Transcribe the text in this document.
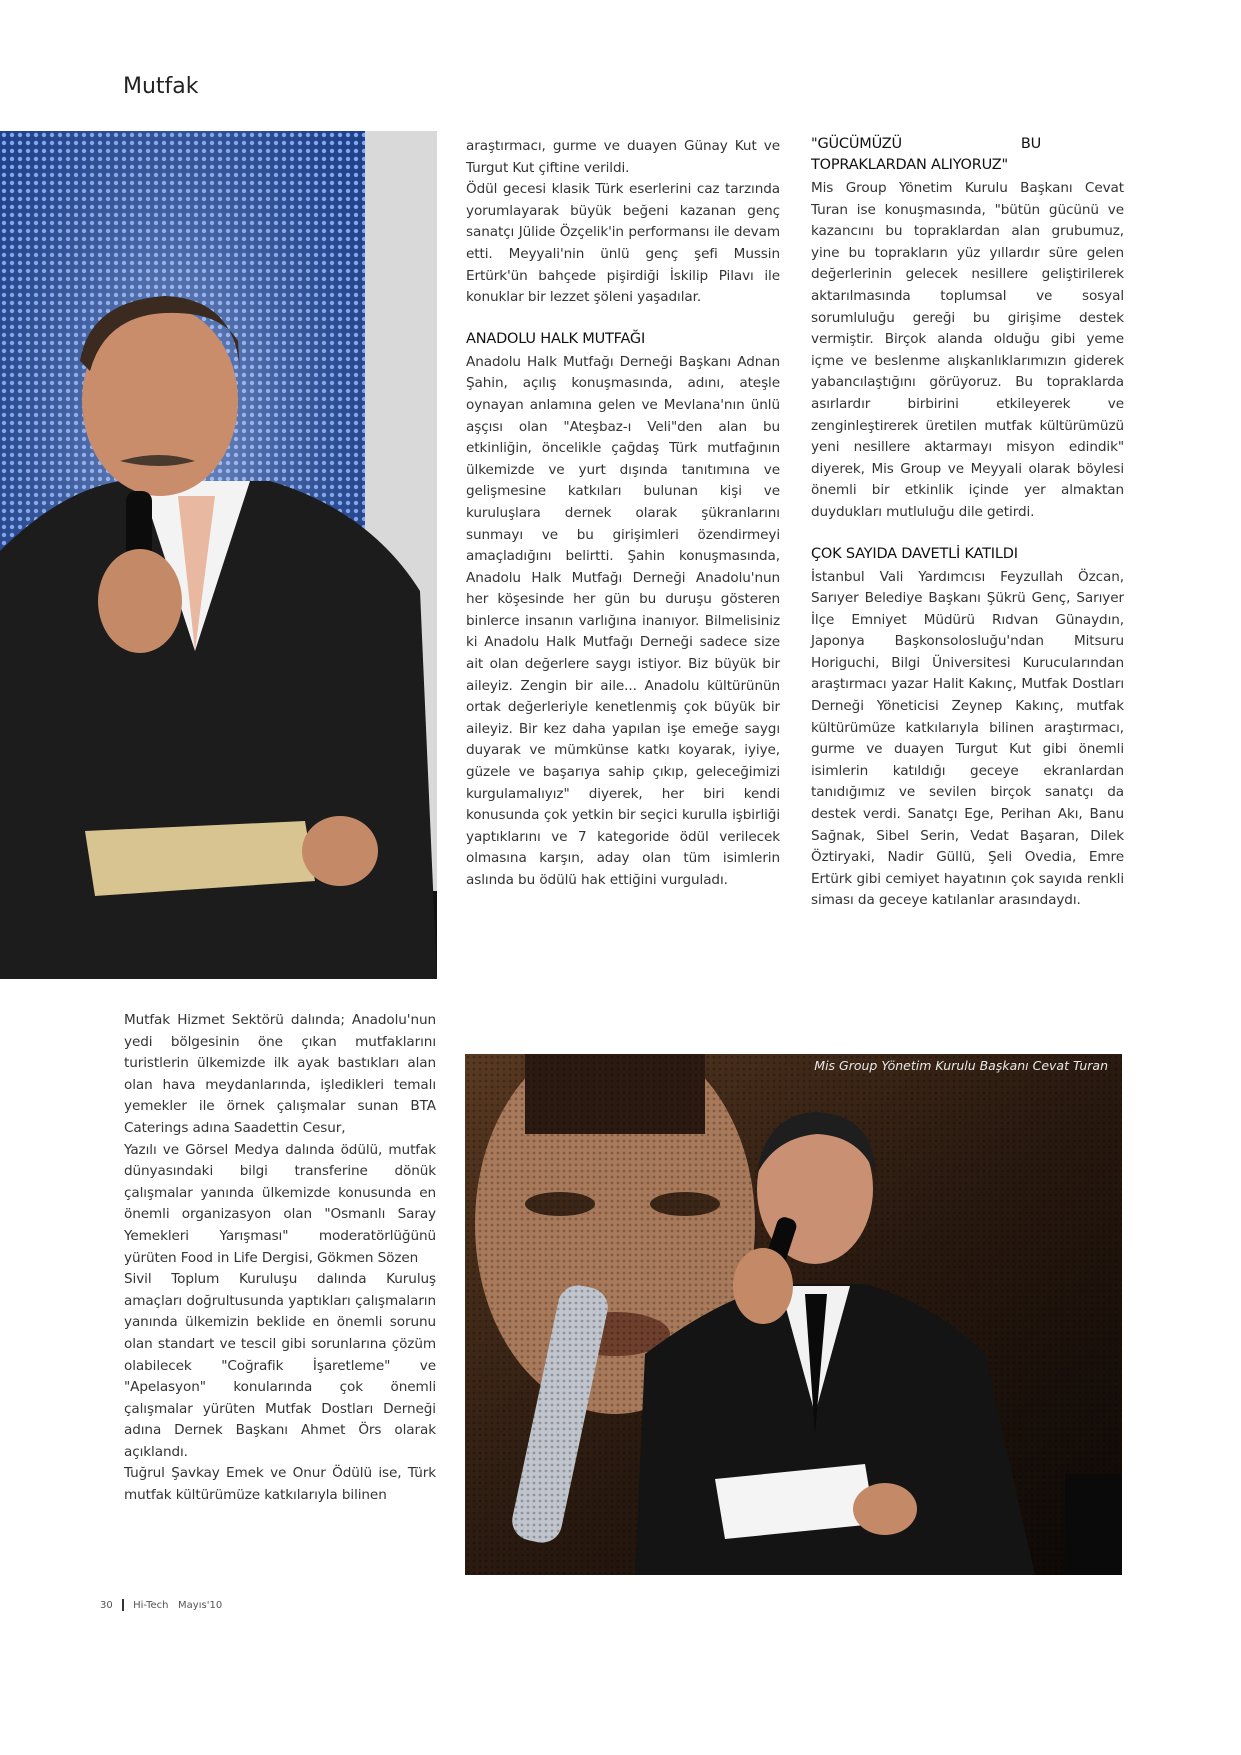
Mutfak

araştırmacı, gurme ve duayen Günay Kut ve Turgut Kut çiftine verildi.

Ödül gecesi klasik Türk eserlerini caz tarzında yorumlayarak büyük beğeni kazanan genç sanatçı Jülide Özçelik'in performansı ile devam etti. Meyyali'nin ünlü genç şefi Mussin Ertürk'ün bahçede pişirdiği İskilip Pilavı ile konuklar bir lezzet şöleni yaşadılar.

ANADOLU HALK MUTFAĞI

Anadolu Halk Mutfağı Derneği Başkanı Adnan Şahin, açılış konuşmasında, adını, ateşle oynayan anlamına gelen ve Mevlana'nın ünlü aşçısı olan "Ateşbaz-ı Veli"den alan bu etkinliğin, öncelikle çağdaş Türk mutfağının ülkemizde ve yurt dışında tanıtımına ve gelişmesine katkıları bulunan kişi ve kuruluşlara dernek olarak şükranlarını sunmayı ve bu girişimleri özendirmeyi amaçladığını belirtti. Şahin konuşmasında, Anadolu Halk Mutfağı Derneği Anadolu'nun her köşesinde her gün bu duruşu gösteren binlerce insanın varlığına inanıyor. Bilmelisiniz ki Anadolu Halk Mutfağı Derneği sadece size ait olan değerlere saygı istiyor. Biz büyük bir aileyiz. Zengin bir aile... Anadolu kültürünün ortak değerleriyle kenetlenmiş çok büyük bir aileyiz. Bir kez daha yapılan işe emeğe saygı duyarak ve mümkünse katkı koyarak, iyiye, güzele ve başarıya sahip çıkıp, geleceğimizi kurgulamalıyız" diyerek, her biri kendi konusunda çok yetkin bir seçici kurulla işbirliği yaptıklarını ve 7 kategoride ödül verilecek olmasına karşın, aday olan tüm isimlerin aslında bu ödülü hak ettiğini vurguladı.

"GÜCÜMÜZÜ BU TOPRAKLARDAN ALIYORUZ"

Mis Group Yönetim Kurulu Başkanı Cevat Turan ise konuşmasında, "bütün gücünü ve kazancını bu topraklardan alan grubumuz, yine bu toprakların yüz yıllardır süre gelen değerlerinin gelecek nesillere geliştirilerek aktarılmasında toplumsal ve sosyal sorumluluğu gereği bu girişime destek vermiştir. Birçok alanda olduğu gibi yeme içme ve beslenme alışkanlıklarımızın giderek yabancılaştığını görüyoruz. Bu topraklarda asırlardır birbirini etkileyerek ve zenginleştirerek üretilen mutfak kültürümüzü yeni nesillere aktarmayı misyon edindik" diyerek, Mis Group ve Meyyali olarak böylesi önemli bir etkinlik içinde yer almaktan duydukları mutluluğu dile getirdi.

ÇOK SAYIDA DAVETLİ KATILDI

İstanbul Vali Yardımcısı Feyzullah Özcan, Sarıyer Belediye Başkanı Şükrü Genç, Sarıyer İlçe Emniyet Müdürü Rıdvan Günaydın, Japonya Başkonsolosluğu'ndan Mitsuru Horiguchi, Bilgi Üniversitesi Kurucularından araştırmacı yazar Halit Kakınç, Mutfak Dostları Derneği Yöneticisi Zeynep Kakınç, mutfak kültürümüze katkılarıyla bilinen araştırmacı, gurme ve duayen Turgut Kut gibi önemli isimlerin katıldığı geceye ekranlardan tanıdığımız ve sevilen birçok sanatçı da destek verdi. Sanatçı Ege, Perihan Akı, Banu Sağnak, Sibel Serin, Vedat Başaran, Dilek Öztiryaki, Nadir Güllü, Şeli Ovedia, Emre Ertürk gibi cemiyet hayatının çok sayıda renkli siması da geceye katılanlar arasındaydı.

Mutfak Hizmet Sektörü dalında; Anadolu'nun yedi bölgesinin öne çıkan mutfaklarını turistlerin ülkemizde ilk ayak bastıkları alan olan hava meydanlarında, işledikleri temalı yemekler ile örnek çalışmalar sunan BTA Caterings adına Saadettin Cesur,

Yazılı ve Görsel Medya dalında ödülü, mutfak dünyasındaki bilgi transferine dönük çalışmalar yanında ülkemizde konusunda en önemli organizasyon olan "Osmanlı Saray Yemekleri Yarışması" moderatörlüğünü yürüten Food in Life Dergisi, Gökmen Sözen

Sivil Toplum Kuruluşu dalında Kuruluş amaçları doğrultusunda yaptıkları çalışmaların yanında ülkemizin beklide en önemli sorunu olan standart ve tescil gibi sorunlarına çözüm olabilecek "Coğrafik İşaretleme" ve "Apelasyon" konularında çok önemli çalışmalar yürüten Mutfak Dostları Derneği adına Dernek Başkanı Ahmet Örs olarak açıklandı.

Tuğrul Şavkay Emek ve Onur Ödülü ise, Türk mutfak kültürümüze katkılarıyla bilinen

Mis Group Yönetim Kurulu Başkanı Cevat Turan
30 Hi-Tech Mayıs'10
